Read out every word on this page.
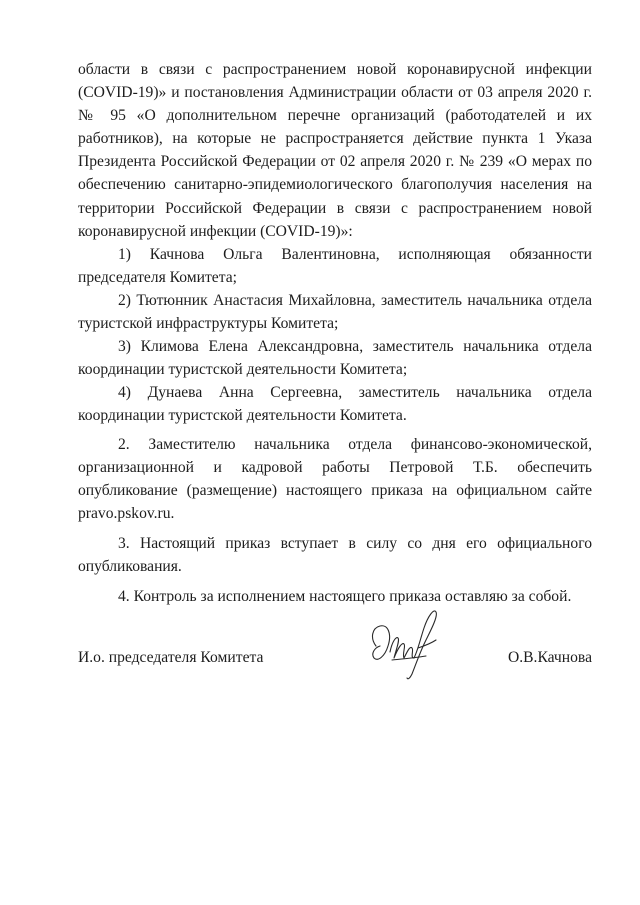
области в связи с распространением новой коронавирусной инфекции (COVID-19)» и постановления Администрации области от 03 апреля 2020 г. № 95 «О дополнительном перечне организаций (работодателей и их работников), на которые не распространяется действие пункта 1 Указа Президента Российской Федерации от 02 апреля 2020 г. № 239 «О мерах по обеспечению санитарно-эпидемиологического благополучия населения на территории Российской Федерации в связи с распространением новой коронавирусной инфекции (COVID-19)»:

1) Качнова Ольга Валентиновна, исполняющая обязанности председателя Комитета;

2) Тютюнник Анастасия Михайловна, заместитель начальника отдела туристской инфраструктуры Комитета;

3) Климова Елена Александровна, заместитель начальника отдела координации туристской деятельности Комитета;

4) Дунаева Анна Сергеевна, заместитель начальника отдела координации туристской деятельности Комитета.

2. Заместителю начальника отдела финансово-экономической, организационной и кадровой работы Петровой Т.Б. обеспечить опубликование (размещение) настоящего приказа на официальном сайте pravo.pskov.ru.

3. Настоящий приказ вступает в силу со дня его официального опубликования.

4. Контроль за исполнением настоящего приказа оставляю за собой.

И.о. председателя Комитета	О.В.Качнова
